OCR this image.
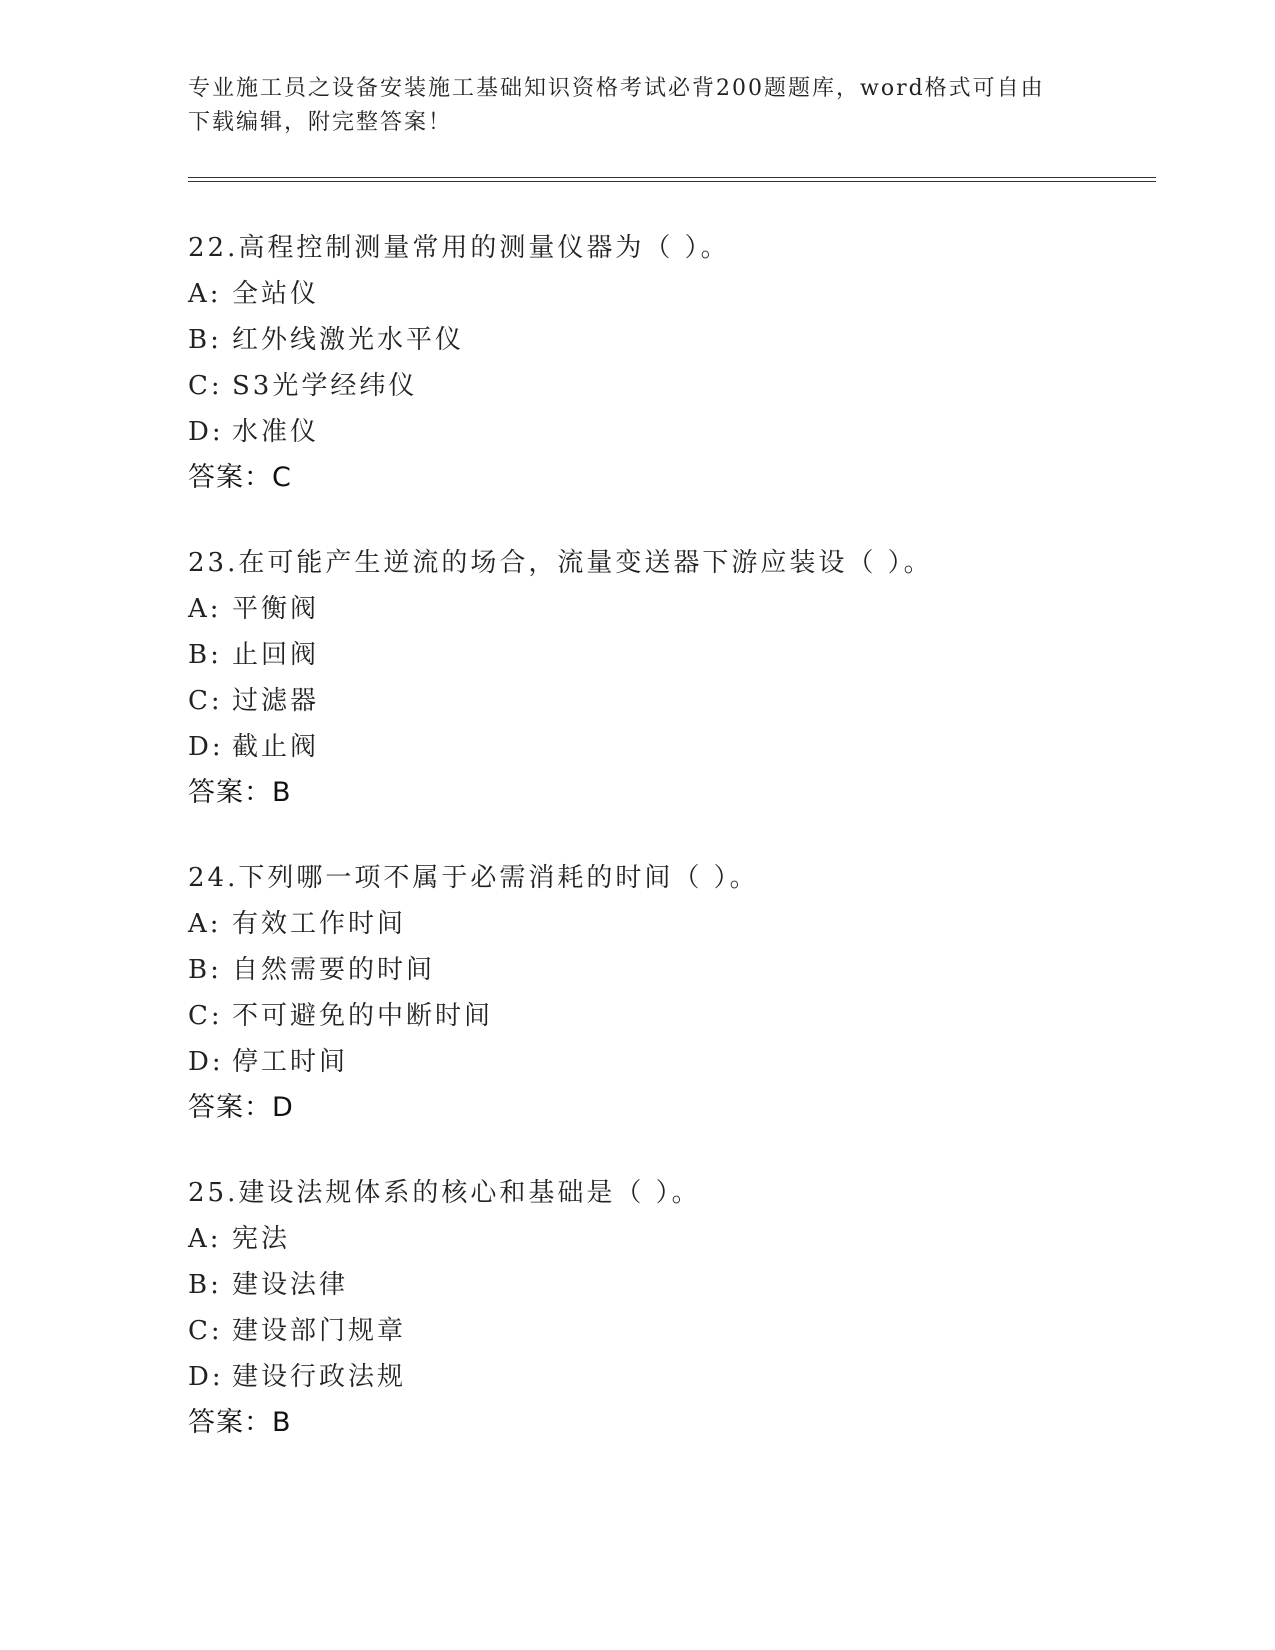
专业施工员之设备安装施工基础知识资格考试必背200题题库，word格式可自由
下载编辑，附完整答案！
22.高程控制测量常用的测量仪器为（ ）。
A: 全站仪
B: 红外线激光水平仪
C: S3光学经纬仪
D: 水准仪
答案：C
23.在可能产生逆流的场合，流量变送器下游应装设（ ）。
A: 平衡阀
B: 止回阀
C: 过滤器
D: 截止阀
答案：B
24.下列哪一项不属于必需消耗的时间（ ）。
A: 有效工作时间
B: 自然需要的时间
C: 不可避免的中断时间
D: 停工时间
答案：D
25.建设法规体系的核心和基础是（ ）。
A: 宪法
B: 建设法律
C: 建设部门规章
D: 建设行政法规
答案：B
